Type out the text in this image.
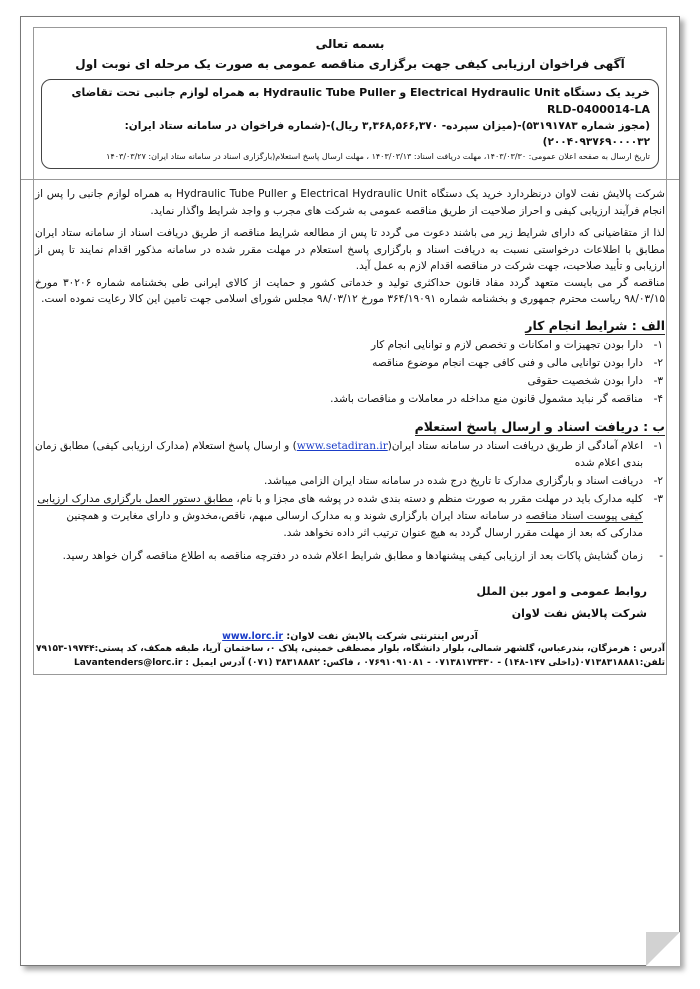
بسمه تعالی
آگهی فراخوان ارزیابی کیفی جهت برگزاری مناقصه عمومی به صورت یک مرحله ای نوبت اول
خرید یک دستگاه Electrical Hydraulic Unit و Hydraulic Tube Puller به همراه لوازم جانبی تحت تقاضای RLD-0400014-LA
(مجوز شماره ۵۳۱۹۱۷۸۳)-(میزان سپرده- ۳,۳۶۸,۵۶۶,۳۷۰ ریال)-(شماره فراخوان در سامانه ستاد ایران: ۲۰۰۴۰۹۳۷۶۹۰۰۰۰۳۲)
تاریخ ارسال به صفحه اعلان عمومی: ۱۴۰۳/۰۳/۳۰، مهلت دریافت اسناد: ۱۴۰۳/۰۳/۱۳ ، مهلت ارسال پاسخ استعلام(بارگزاری اسناد در سامانه ستاد ایران: ۱۴۰۳/۰۳/۲۷

شرکت پالایش نفت لاوان درنظردارد خرید یک دستگاه Electrical Hydraulic Unit و Hydraulic Tube Puller به همراه لوازم جانبی را پس از انجام فرآیند ارزیابی کیفی و احراز صلاحیت از طریق مناقصه عمومی به شرکت های مجرب و واجد شرایط واگذار نماید.

لذا از متقاضیانی که دارای شرایط زیر می باشند دعوت می گردد تا پس از مطالعه شرایط مناقصه از طریق دریافت اسناد از سامانه ستاد ایران مطابق با اطلاعات درخواستی نسبت به دریافت اسناد و بارگزاری پاسخ استعلام در مهلت مقرر شده در سامانه مذکور اقدام نمایند تا پس از ارزیابی و تأیید صلاحیت، جهت شرکت در مناقصه اقدام لازم به عمل آید.

مناقصه گر می بایست متعهد گردد مفاد قانون حداکثری تولید و خدماتی کشور و حمایت از کالای ایرانی طی بخشنامه شماره ۳۰۲۰۶ مورخ ۹۸/۰۳/۱۵ ریاست محترم جمهوری و بخشنامه شماره ۳۶۴/۱۹۰۹۱ مورخ ۹۸/۰۳/۱۲ مجلس شورای اسلامی جهت تامین این کالا رعایت نموده است.

الف : شرایط انجام کار
۱-
دارا بودن تجهیزات و امکانات و تخصص لازم و توانایی انجام کار
۲-
دارا بودن توانایی مالی و فنی کافی جهت انجام موضوع مناقصه
۳-
دارا بودن شخصیت حقوقی
۴-
مناقصه گر نباید مشمول قانون منع مداخله در معاملات و مناقصات باشد.
ب : دریافت اسناد و ارسال پاسخ استعلام
۱-
اعلام آمادگی از طریق دریافت اسناد در سامانه ستاد ایران(www.setadiran.ir) و ارسال پاسخ استعلام (مدارک ارزیابی کیفی) مطابق زمان بندی اعلام شده
۲-
دریافت اسناد و بارگزاری مدارک تا تاریخ درج شده در سامانه ستاد ایران الزامی میباشد.
۳-
کلیه مدارک باید در مهلت مقرر به صورت منظم و دسته بندی شده در پوشه های مجزا و با نام، مطابق دستور العمل بارگزاری مدارک ارزیابی کیفی پیوست اسناد مناقصه در سامانه ستاد ایران بارگزاری شوند و به مدارک ارسالی مبهم، ناقص،مخدوش و دارای مغایرت و همچنین مدارکی که بعد از مهلت مقرر ارسال گردد به هیچ عنوان ترتیب اثر داده نخواهد شد.
-
زمان گشایش پاکات بعد از ارزیابی کیفی پیشنهادها و مطابق شرایط اعلام شده در دفترچه مناقصه به اطلاع مناقصه گران خواهد رسید.
روابط عمومی و امور بین الملل
شرکت پالایش نفت لاوان
آدرس اینترنتی شرکت پالایش نفت لاوان: www.lorc.ir
آدرس : هرمزگان، بندرعباس، گلشهر شمالی، بلوار دانشگاه، بلوار مصطفی خمینی، پلاک ۰، ساختمان آریا، طبقه همکف، کد پستی:۱۹۷۴۴-۷۹۱۵۳
تلفن:۰۷۱۳۸۳۱۸۸۸۱(داخلی ۱۴۷-۱۴۸) - ۰۷۱۳۸۱۷۳۴۳۰ - ۰۷۶۹۱۰۹۱۰۸۱ ، فاکس: ۳۸۳۱۸۸۸۲ (۰۷۱) آدرس ایمیل : Lavantenders@lorc.ir
